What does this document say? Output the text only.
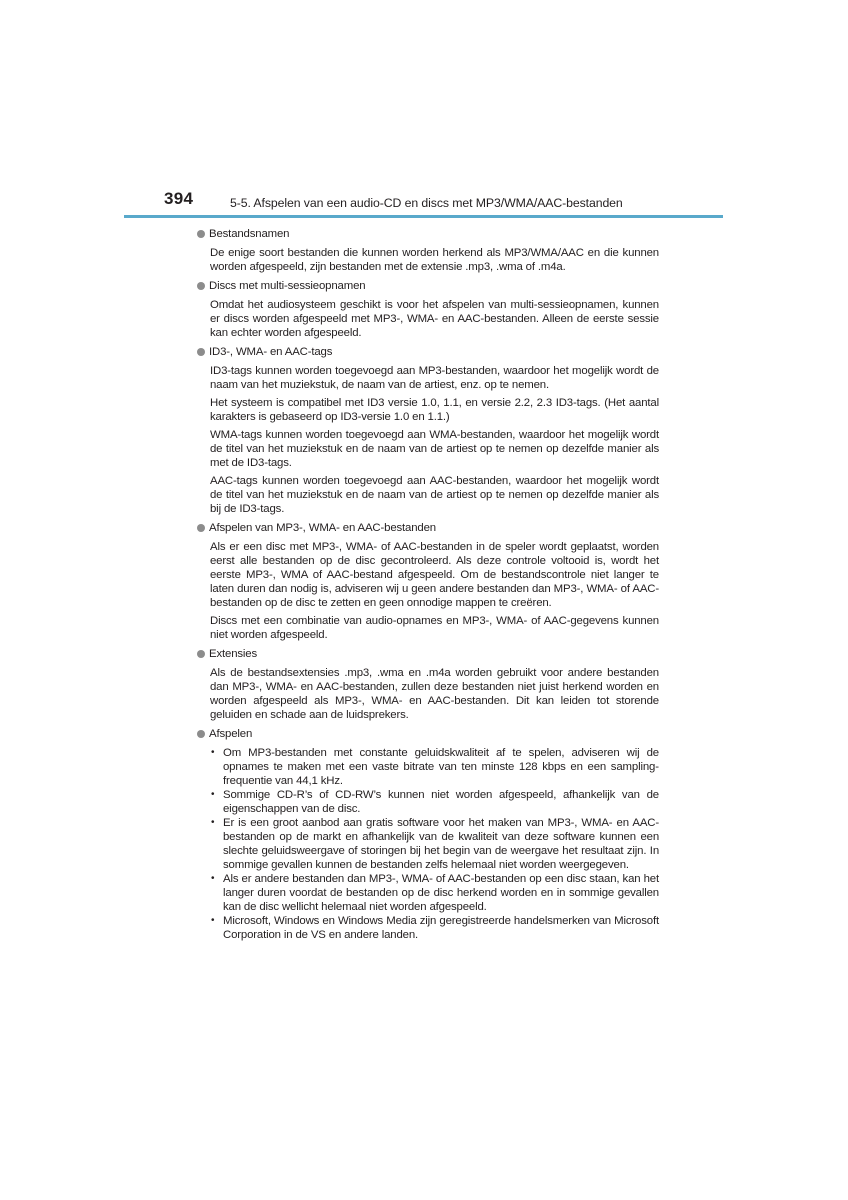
394	5-5. Afspelen van een audio-CD en discs met MP3/WMA/AAC-bestanden
Bestandsnamen

De enige soort bestanden die kunnen worden herkend als MP3/WMA/AAC en die kunnen worden afgespeeld, zijn bestanden met de extensie .mp3, .wma of .m4a.

Discs met multi-sessieopnamen

Omdat het audiosysteem geschikt is voor het afspelen van multi-sessieopnamen, kunnen er discs worden afgespeeld met MP3-, WMA- en AAC-bestanden. Alleen de eerste sessie kan echter worden afgespeeld.

ID3-, WMA- en AAC-tags

ID3-tags kunnen worden toegevoegd aan MP3-bestanden, waardoor het mogelijk wordt de naam van het muziekstuk, de naam van de artiest, enz. op te nemen.

Het systeem is compatibel met ID3 versie 1.0, 1.1, en versie 2.2, 2.3 ID3-tags. (Het aantal karakters is gebaseerd op ID3-versie 1.0 en 1.1.)

WMA-tags kunnen worden toegevoegd aan WMA-bestanden, waardoor het mogelijk wordt de titel van het muziekstuk en de naam van de artiest op te nemen op dezelfde manier als met de ID3-tags.

AAC-tags kunnen worden toegevoegd aan AAC-bestanden, waardoor het mogelijk wordt de titel van het muziekstuk en de naam van de artiest op te nemen op dezelfde manier als bij de ID3-tags.

Afspelen van MP3-, WMA- en AAC-bestanden

Als er een disc met MP3-, WMA- of AAC-bestanden in de speler wordt geplaatst, worden eerst alle bestanden op de disc gecontroleerd. Als deze controle voltooid is, wordt het eerste MP3-, WMA of AAC-bestand afgespeeld. Om de bestandscontrole niet langer te laten duren dan nodig is, adviseren wij u geen andere bestanden dan MP3-, WMA- of AAC-bestanden op de disc te zetten en geen onnodige mappen te creëren.

Discs met een combinatie van audio-opnames en MP3-, WMA- of AAC-gegevens kunnen niet worden afgespeeld.

Extensies

Als de bestandsextensies .mp3, .wma en .m4a worden gebruikt voor andere bestanden dan MP3-, WMA- en AAC-bestanden, zullen deze bestanden niet juist herkend worden en worden afgespeeld als MP3-, WMA- en AAC-bestanden. Dit kan leiden tot storende geluiden en schade aan de luidsprekers.

Afspelen
• Om MP3-bestanden met constante geluidskwaliteit af te spelen, adviseren wij de opnames te maken met een vaste bitrate van ten minste 128 kbps en een samplingfrequentie van 44,1 kHz.
• Sommige CD-R’s of CD-RW’s kunnen niet worden afgespeeld, afhankelijk van de eigenschappen van de disc.
• Er is een groot aanbod aan gratis software voor het maken van MP3-, WMA- en AAC-bestanden op de markt en afhankelijk van de kwaliteit van deze software kunnen een slechte geluidsweergave of storingen bij het begin van de weergave het resultaat zijn. In sommige gevallen kunnen de bestanden zelfs helemaal niet worden weergegeven.
• Als er andere bestanden dan MP3-, WMA- of AAC-bestanden op een disc staan, kan het langer duren voordat de bestanden op de disc herkend worden en in sommige gevallen kan de disc wellicht helemaal niet worden afgespeeld.
• Microsoft, Windows en Windows Media zijn geregistreerde handelsmerken van Microsoft Corporation in de VS en andere landen.
